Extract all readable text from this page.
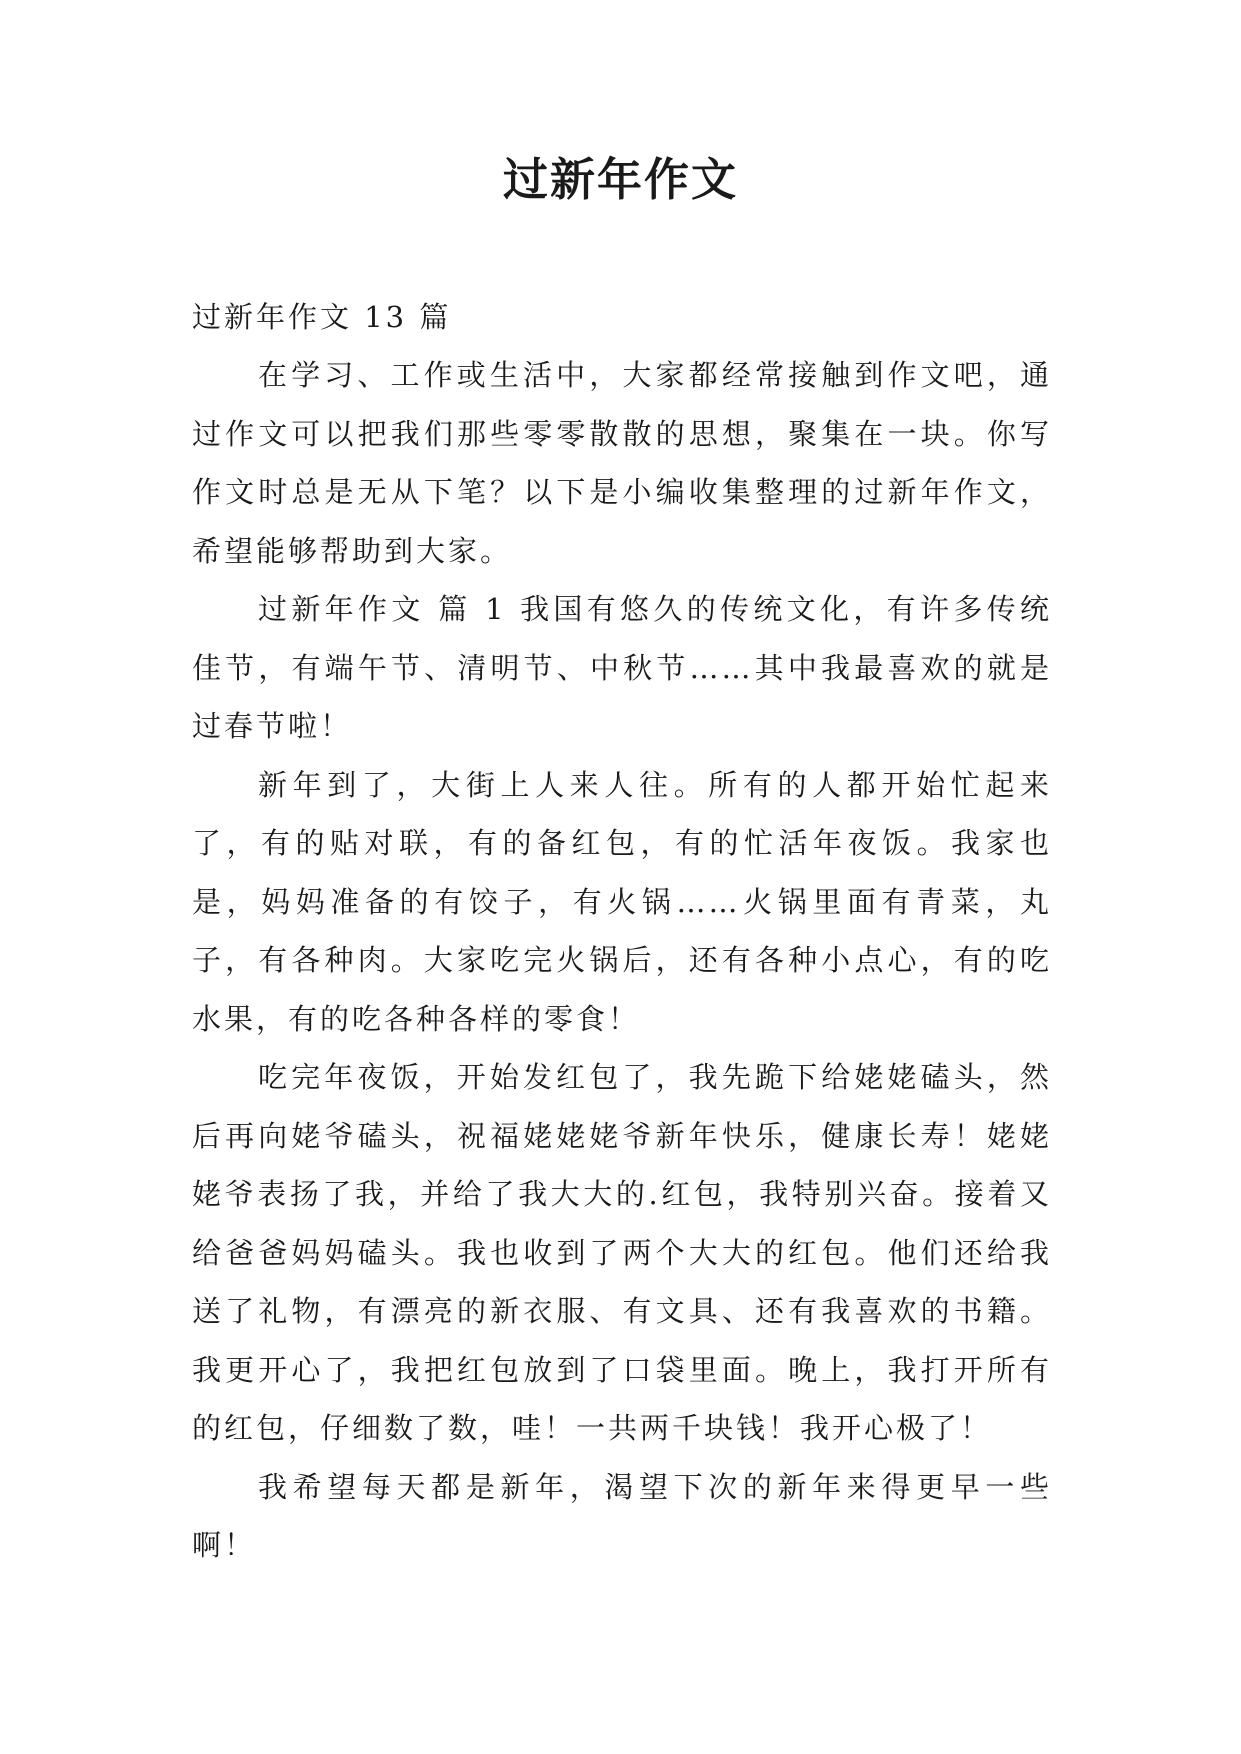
过新年作文

过新年作文 13 篇

在学习、工作或生活中，大家都经常接触到作文吧，通过作文可以把我们那些零零散散的思想，聚集在一块。你写作文时总是无从下笔？以下是小编收集整理的过新年作文，希望能够帮助到大家。

过新年作文 篇 1 我国有悠久的传统文化，有许多传统佳节，有端午节、清明节、中秋节……其中我最喜欢的就是过春节啦！

新年到了，大街上人来人往。所有的人都开始忙起来了，有的贴对联，有的备红包，有的忙活年夜饭。我家也是，妈妈准备的有饺子，有火锅……火锅里面有青菜，丸子，有各种肉。大家吃完火锅后，还有各种小点心，有的吃水果，有的吃各种各样的零食！

吃完年夜饭，开始发红包了，我先跪下给姥姥磕头，然后再向姥爷磕头，祝福姥姥姥爷新年快乐，健康长寿！姥姥姥爷表扬了我，并给了我大大的.红包，我特别兴奋。接着又给爸爸妈妈磕头。我也收到了两个大大的红包。他们还给我送了礼物，有漂亮的新衣服、有文具、还有我喜欢的书籍。我更开心了，我把红包放到了口袋里面。晚上，我打开所有的红包，仔细数了数，哇！一共两千块钱！我开心极了！

我希望每天都是新年，渴望下次的新年来得更早一些啊！
